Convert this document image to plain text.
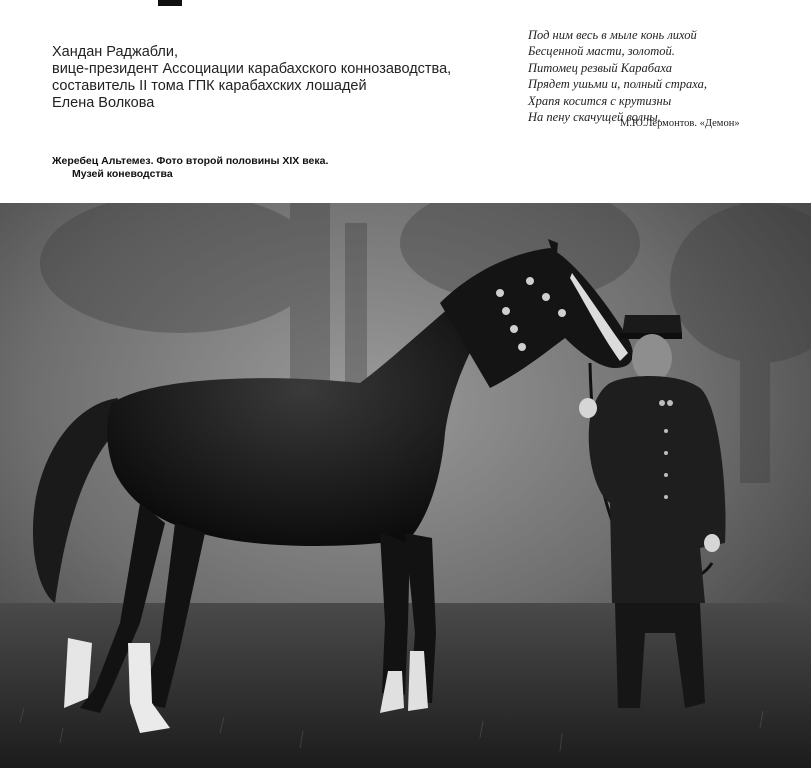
Хандан Раджабли,
вице-президент Ассоциации карабахского коннозаводства,
составитель II тома ГПК карабахских лошадей
Елена Волкова
Под ним весь в мыле конь лихой
Бесценной масти, золотой.
Питомец резвый Карабаха
Прядет ушьми и, полный страха,
Храпя косится с крутизны
На пену скачущей волны.
М.Ю.Лермонтов. «Демон»
Жеребец Альтемез. Фото второй половины XIX века.
Музей коневодства
